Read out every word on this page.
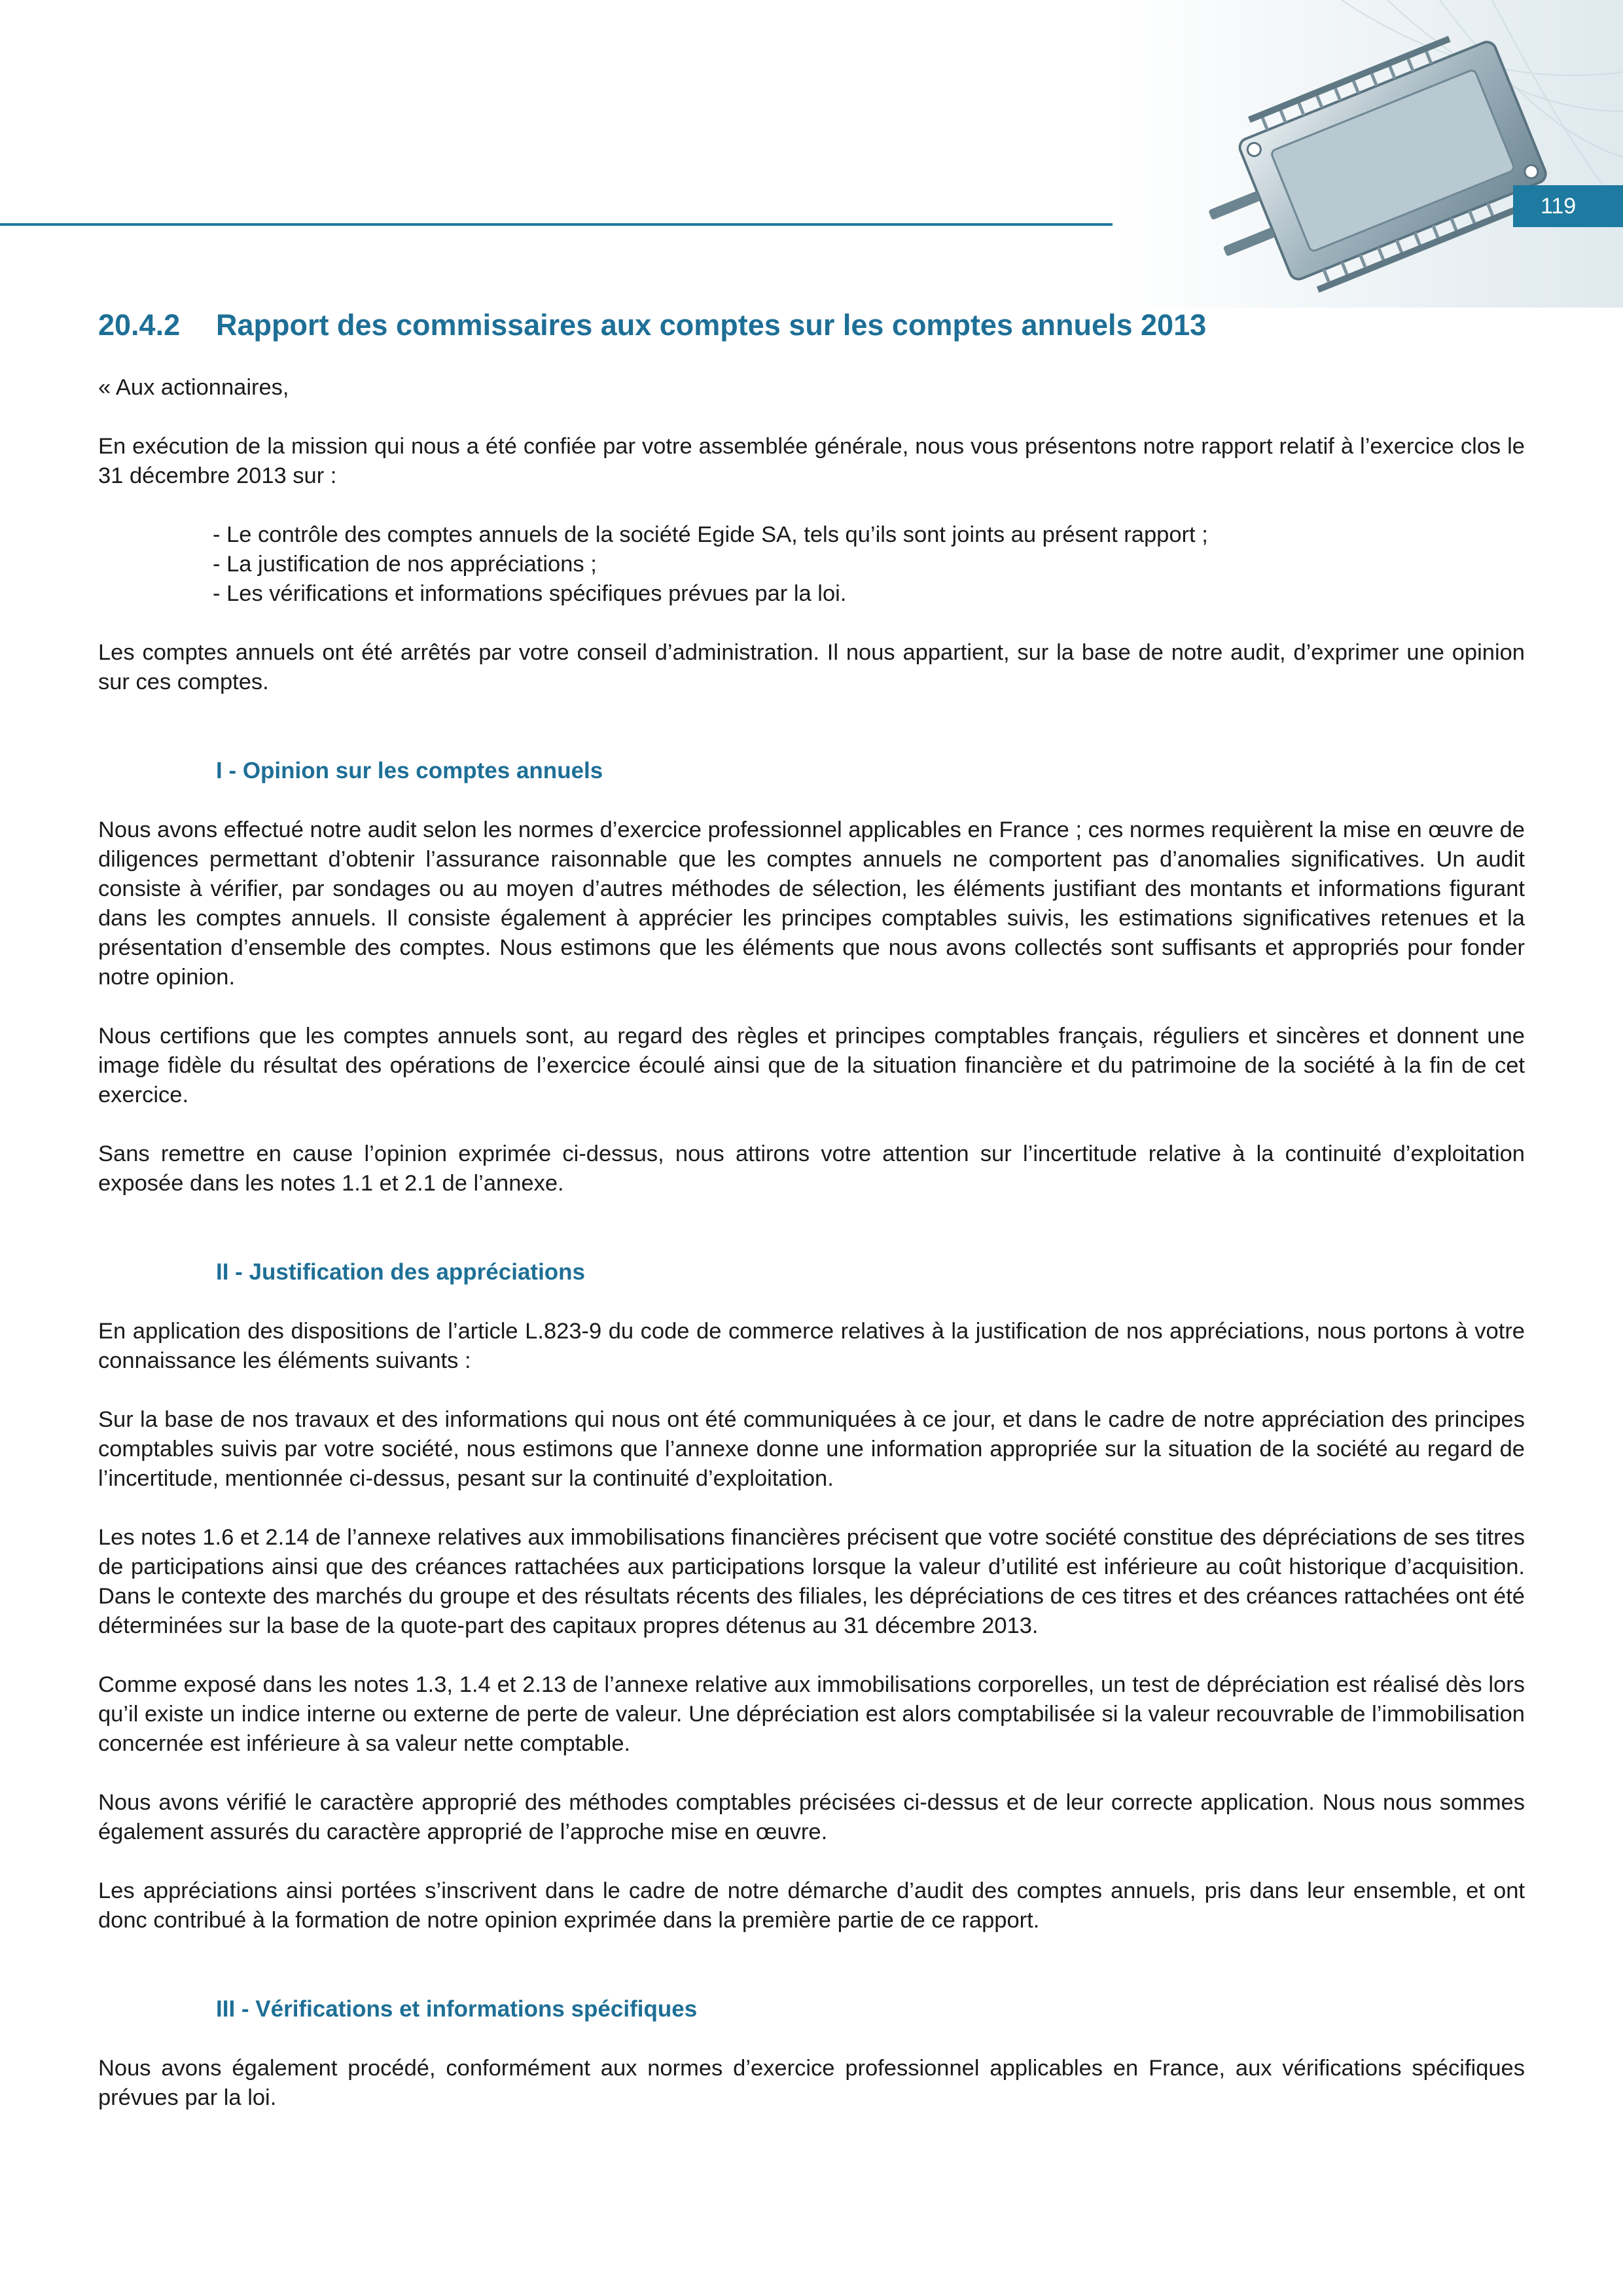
119
20.4.2 Rapport des commissaires aux comptes sur les comptes annuels 2013

« Aux actionnaires,

En exécution de la mission qui nous a été confiée par votre assemblée générale, nous vous présentons notre rapport relatif à l’exercice clos le 31 décembre 2013 sur :

- Le contrôle des comptes annuels de la société Egide SA, tels qu’ils sont joints au présent rapport ;
- La justification de nos appréciations ;
- Les vérifications et informations spécifiques prévues par la loi.

Les comptes annuels ont été arrêtés par votre conseil d’administration. Il nous appartient, sur la base de notre audit, d’exprimer une opinion sur ces comptes.

I - Opinion sur les comptes annuels

Nous avons effectué notre audit selon les normes d’exercice professionnel applicables en France ; ces normes requièrent la mise en œuvre de diligences permettant d’obtenir l’assurance raisonnable que les comptes annuels ne comportent pas d’anomalies significatives. Un audit consiste à vérifier, par sondages ou au moyen d’autres méthodes de sélection, les éléments justifiant des montants et informations figurant dans les comptes annuels. Il consiste également à apprécier les principes comptables suivis, les estimations significatives retenues et la présentation d’ensemble des comptes. Nous estimons que les éléments que nous avons collectés sont suffisants et appropriés pour fonder notre opinion.

Nous certifions que les comptes annuels sont, au regard des règles et principes comptables français, réguliers et sincères et donnent une image fidèle du résultat des opérations de l’exercice écoulé ainsi que de la situation financière et du patrimoine de la société à la fin de cet exercice.

Sans remettre en cause l’opinion exprimée ci-dessus, nous attirons votre attention sur l’incertitude relative à la continuité d’exploitation exposée dans les notes 1.1 et 2.1 de l’annexe.

II - Justification des appréciations

En application des dispositions de l’article L.823-9 du code de commerce relatives à la justification de nos appréciations, nous portons à votre connaissance les éléments suivants :

Sur la base de nos travaux et des informations qui nous ont été communiquées à ce jour, et dans le cadre de notre appréciation des principes comptables suivis par votre société, nous estimons que l’annexe donne une information appropriée sur la situation de la société au regard de l’incertitude, mentionnée ci-dessus, pesant sur la continuité d’exploitation.

Les notes 1.6 et 2.14 de l’annexe relatives aux immobilisations financières précisent que votre société constitue des dépréciations de ses titres de participations ainsi que des créances rattachées aux participations lorsque la valeur d’utilité est inférieure au coût historique d’acquisition. Dans le contexte des marchés du groupe et des résultats récents des filiales, les dépréciations de ces titres et des créances rattachées ont été déterminées sur la base de la quote-part des capitaux propres détenus au 31 décembre 2013.

Comme exposé dans les notes 1.3, 1.4 et 2.13 de l’annexe relative aux immobilisations corporelles, un test de dépréciation est réalisé dès lors qu’il existe un indice interne ou externe de perte de valeur. Une dépréciation est alors comptabilisée si la valeur recouvrable de l’immobilisation concernée est inférieure à sa valeur nette comptable.

Nous avons vérifié le caractère approprié des méthodes comptables précisées ci-dessus et de leur correcte application. Nous nous sommes également assurés du caractère approprié de l’approche mise en œuvre.

Les appréciations ainsi portées s’inscrivent dans le cadre de notre démarche d’audit des comptes annuels, pris dans leur ensemble, et ont donc contribué à la formation de notre opinion exprimée dans la première partie de ce rapport.

III - Vérifications et informations spécifiques

Nous avons également procédé, conformément aux normes d’exercice professionnel applicables en France, aux vérifications spécifiques prévues par la loi.
